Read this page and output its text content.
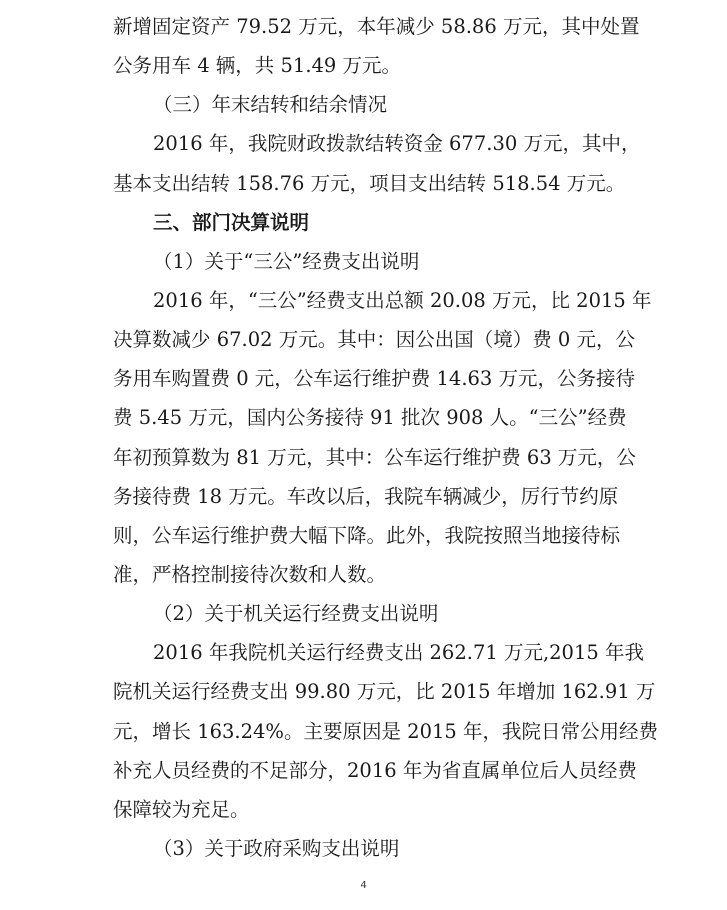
新增固定资产 79.52 万元，本年减少 58.86 万元，其中处置
公务用车 4 辆，共 51.49 万元。
（三）年末结转和结余情况
2016 年，我院财政拨款结转资金 677.30 万元，其中，
基本支出结转 158.76 万元，项目支出结转 518.54 万元。
三、部门决算说明
（1）关于“三公”经费支出说明
2016 年，“三公”经费支出总额 20.08 万元，比 2015 年
决算数减少 67.02 万元。其中：因公出国（境）费 0 元，公
务用车购置费 0 元，公车运行维护费 14.63 万元，公务接待
费 5.45 万元，国内公务接待 91 批次 908 人。“三公”经费
年初预算数为 81 万元，其中：公车运行维护费 63 万元，公
务接待费 18 万元。车改以后，我院车辆减少，厉行节约原
则，公车运行维护费大幅下降。此外，我院按照当地接待标
准，严格控制接待次数和人数。
（2）关于机关运行经费支出说明
2016 年我院机关运行经费支出 262.71 万元,2015 年我
院机关运行经费支出 99.80 万元，比 2015 年增加 162.91 万
元，增长 163.24%。主要原因是 2015 年，我院日常公用经费
补充人员经费的不足部分，2016 年为省直属单位后人员经费
保障较为充足。
（3）关于政府采购支出说明
4
